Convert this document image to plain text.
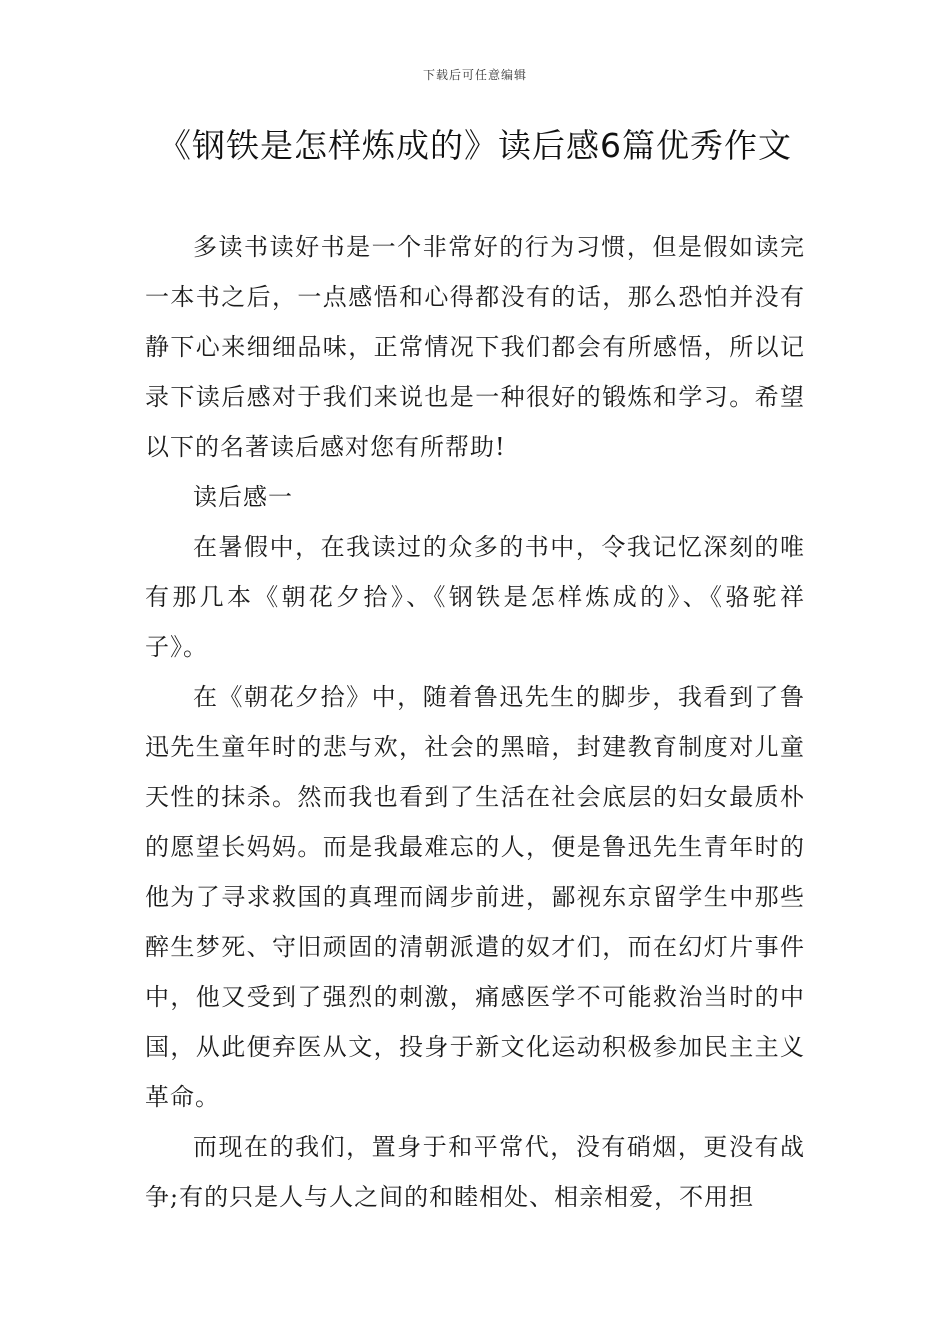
下载后可任意编辑
《钢铁是怎样炼成的》读后感6篇优秀作文

多读书读好书是一个非常好的行为习惯，但是假如读完一本书之后，一点感悟和心得都没有的话，那么恐怕并没有静下心来细细品味，正常情况下我们都会有所感悟，所以记录下读后感对于我们来说也是一种很好的锻炼和学习。希望以下的名著读后感对您有所帮助!

读后感一

在暑假中，在我读过的众多的书中，令我记忆深刻的唯有那几本《朝花夕拾》、《钢铁是怎样炼成的》、《骆驼祥子》。

在《朝花夕拾》中，随着鲁迅先生的脚步，我看到了鲁迅先生童年时的悲与欢，社会的黑暗，封建教育制度对儿童天性的抹杀。然而我也看到了生活在社会底层的妇女最质朴的愿望长妈妈。而是我最难忘的人，便是鲁迅先生青年时的他为了寻求救国的真理而阔步前进，鄙视东京留学生中那些醉生梦死、守旧顽固的清朝派遣的奴才们，而在幻灯片事件中，他又受到了强烈的刺激，痛感医学不可能救治当时的中国，从此便弃医从文，投身于新文化运动积极参加民主主义革命。

而现在的我们，置身于和平常代，没有硝烟，更没有战争;有的只是人与人之间的和睦相处、相亲相爱，不用担
